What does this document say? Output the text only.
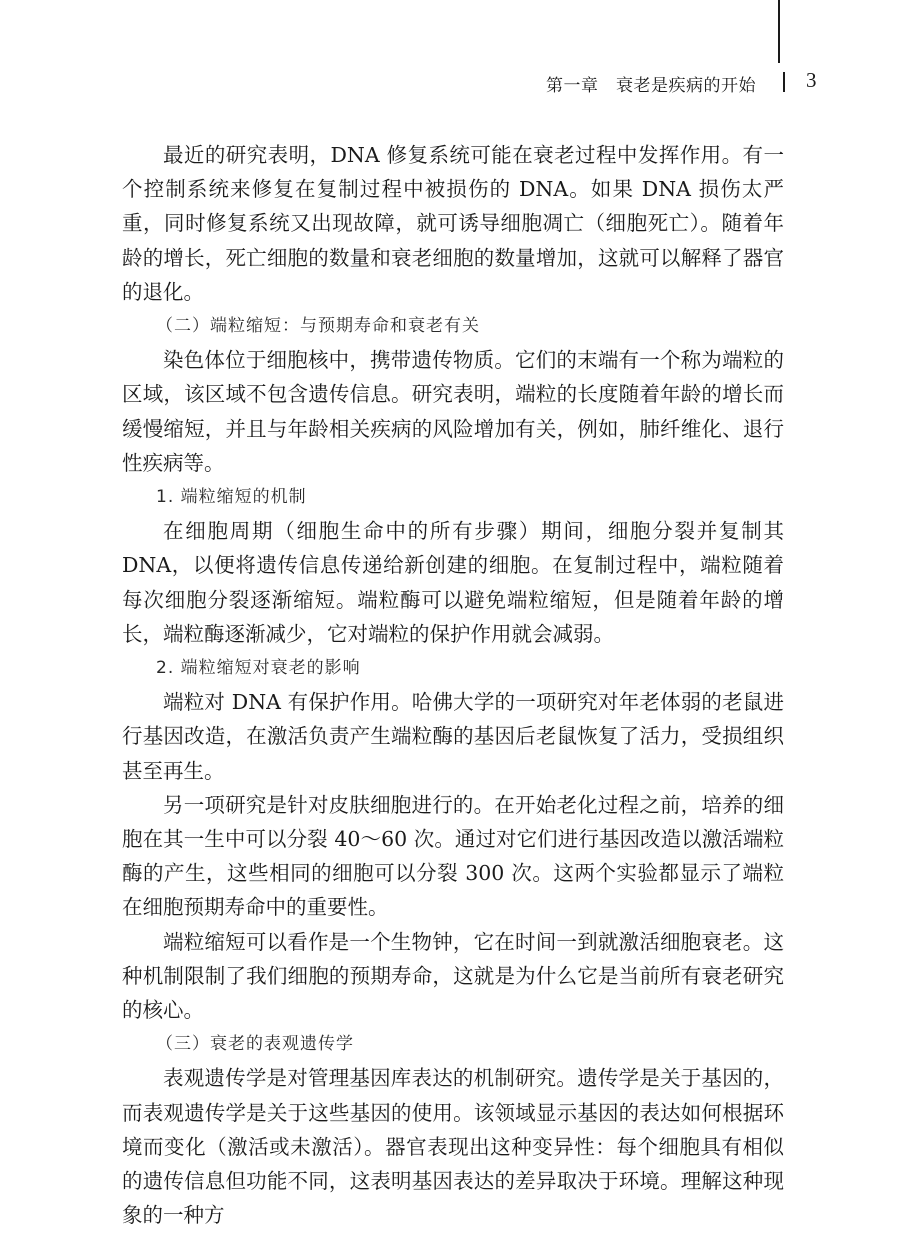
第一章　衰老是疾病的开始 3

最近的研究表明，DNA 修复系统可能在衰老过程中发挥作用。有一个控制系统来修复在复制过程中被损伤的 DNA。如果 DNA 损伤太严重，同时修复系统又出现故障，就可诱导细胞凋亡（细胞死亡）。随着年龄的增长，死亡细胞的数量和衰老细胞的数量增加，这就可以解释了器官的退化。

（二）端粒缩短：与预期寿命和衰老有关

染色体位于细胞核中，携带遗传物质。它们的末端有一个称为端粒的区域，该区域不包含遗传信息。研究表明，端粒的长度随着年龄的增长而缓慢缩短，并且与年龄相关疾病的风险增加有关，例如，肺纤维化、退行性疾病等。

1. 端粒缩短的机制

在细胞周期（细胞生命中的所有步骤）期间，细胞分裂并复制其 DNA，以便将遗传信息传递给新创建的细胞。在复制过程中，端粒随着每次细胞分裂逐渐缩短。端粒酶可以避免端粒缩短，但是随着年龄的增长，端粒酶逐渐减少，它对端粒的保护作用就会减弱。

2. 端粒缩短对衰老的影响

端粒对 DNA 有保护作用。哈佛大学的一项研究对年老体弱的老鼠进行基因改造，在激活负责产生端粒酶的基因后老鼠恢复了活力，受损组织甚至再生。

另一项研究是针对皮肤细胞进行的。在开始老化过程之前，培养的细胞在其一生中可以分裂 40～60 次。通过对它们进行基因改造以激活端粒酶的产生，这些相同的细胞可以分裂 300 次。这两个实验都显示了端粒在细胞预期寿命中的重要性。

端粒缩短可以看作是一个生物钟，它在时间一到就激活细胞衰老。这种机制限制了我们细胞的预期寿命，这就是为什么它是当前所有衰老研究的核心。

（三）衰老的表观遗传学

表观遗传学是对管理基因库表达的机制研究。遗传学是关于基因的，而表观遗传学是关于这些基因的使用。该领域显示基因的表达如何根据环境而变化（激活或未激活）。器官表现出这种变异性：每个细胞具有相似的遗传信息但功能不同，这表明基因表达的差异取决于环境。理解这种现象的一种方
